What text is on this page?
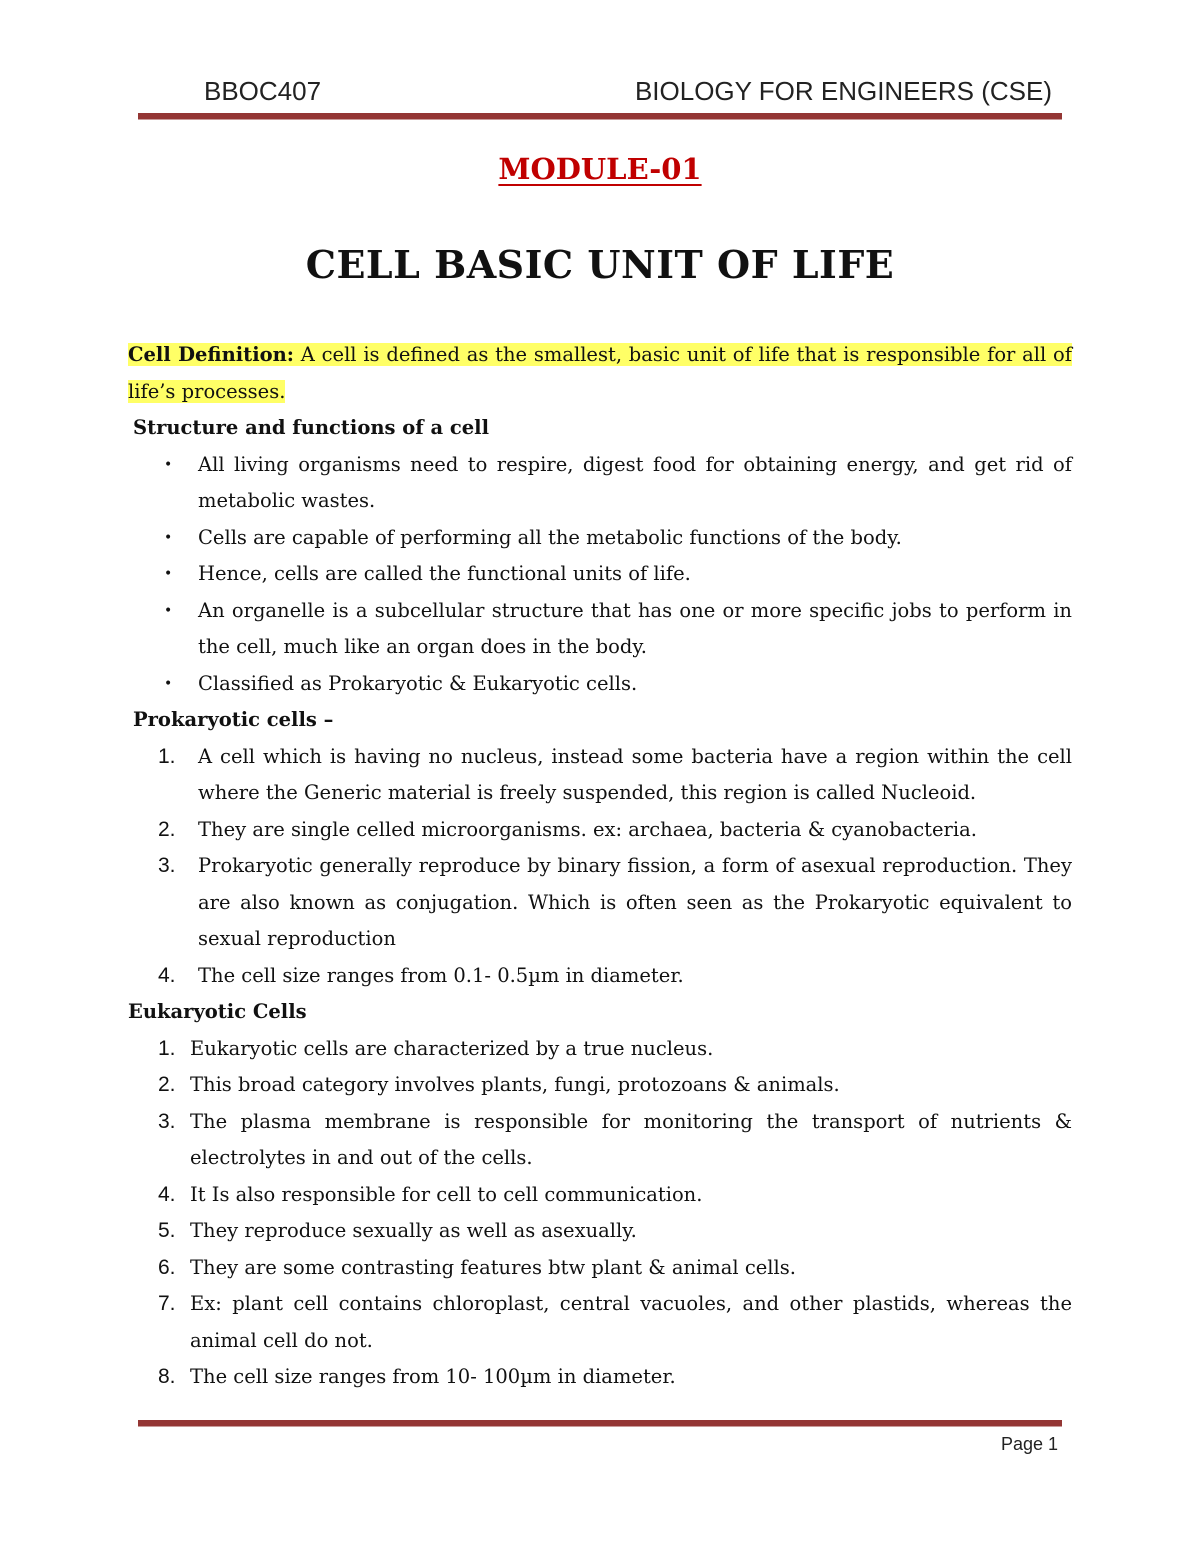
BBOC407	BIOLOGY FOR ENGINEERS (CSE)
MODULE-01
CELL BASIC UNIT OF LIFE

Cell Definition: A cell is defined as the smallest, basic unit of life that is responsible for all of life’s processes.

Structure and functions of a cell

• All living organisms need to respire, digest food for obtaining energy, and get rid of metabolic wastes.
• Cells are capable of performing all the metabolic functions of the body.
• Hence, cells are called the functional units of life.
• An organelle is a subcellular structure that has one or more specific jobs to perform in the cell, much like an organ does in the body.
• Classified as Prokaryotic & Eukaryotic cells.

Prokaryotic cells –

1. A cell which is having no nucleus, instead some bacteria have a region within the cell where the Generic material is freely suspended, this region is called Nucleoid.
2. They are single celled microorganisms. ex: archaea, bacteria & cyanobacteria.
3. Prokaryotic generally reproduce by binary fission, a form of asexual reproduction. They are also known as conjugation. Which is often seen as the Prokaryotic equivalent to sexual reproduction
4. The cell size ranges from 0.1- 0.5µm in diameter.

Eukaryotic Cells

1. Eukaryotic cells are characterized by a true nucleus.
2. This broad category involves plants, fungi, protozoans & animals.
3. The plasma membrane is responsible for monitoring the transport of nutrients & electrolytes in and out of the cells.
4. It Is also responsible for cell to cell communication.
5. They reproduce sexually as well as asexually.
6. They are some contrasting features btw plant & animal cells.
7. Ex: plant cell contains chloroplast, central vacuoles, and other plastids, whereas the animal cell do not.
8. The cell size ranges from 10- 100µm in diameter.
Page 1
